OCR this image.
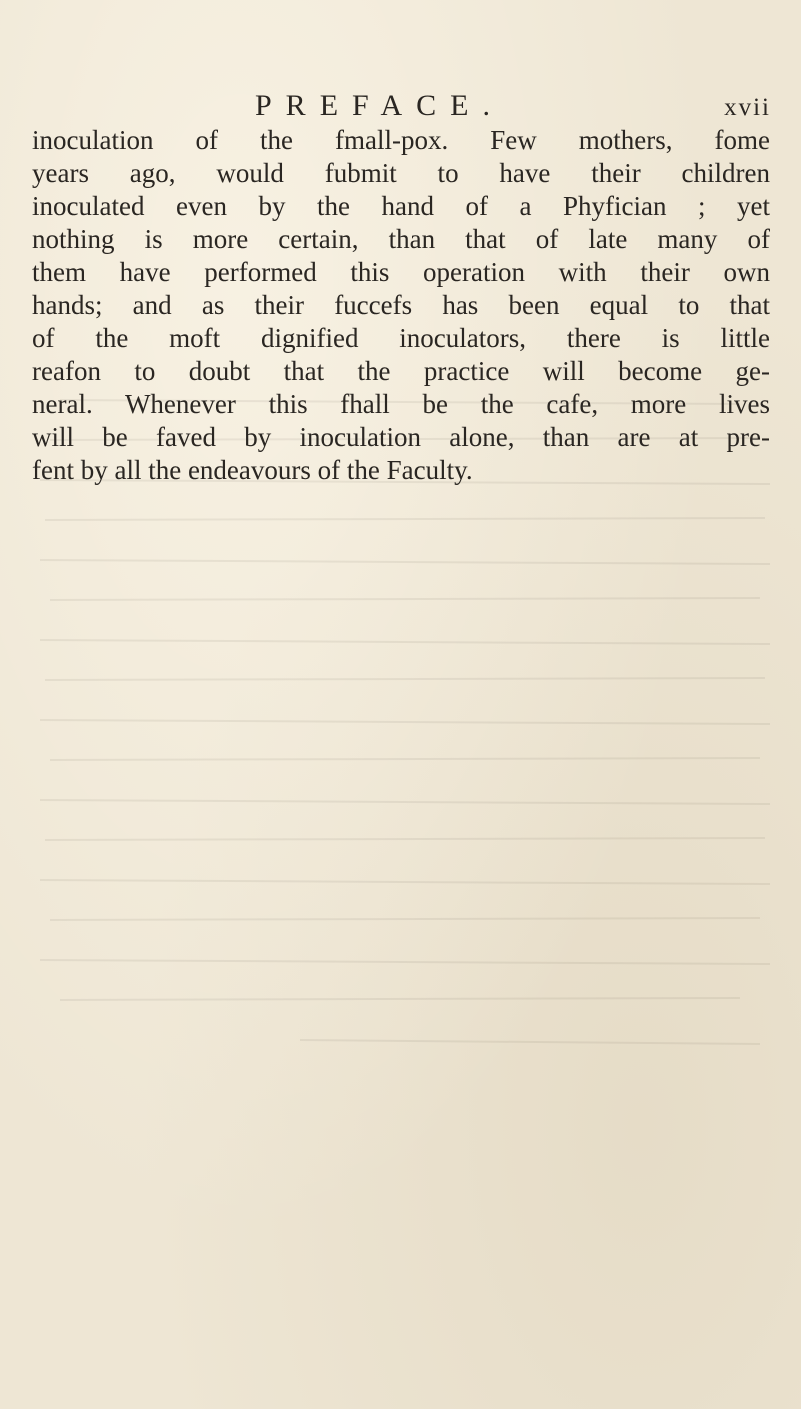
PREFACE.	xvii
inoculation of the fmall-pox. Few mothers, fome
years ago, would fubmit to have their children
inoculated even by the hand of a Phyfician ; yet
nothing is more certain, than that of late many of
them have performed this operation with their own
hands; and as their fuccefs has been equal to that
of the moft dignified inoculators, there is little
reafon to doubt that the practice will become ge-
neral. Whenever this fhall be the cafe, more lives
will be faved by inoculation alone, than are at pre-
fent by all the endeavours of the Faculty.
